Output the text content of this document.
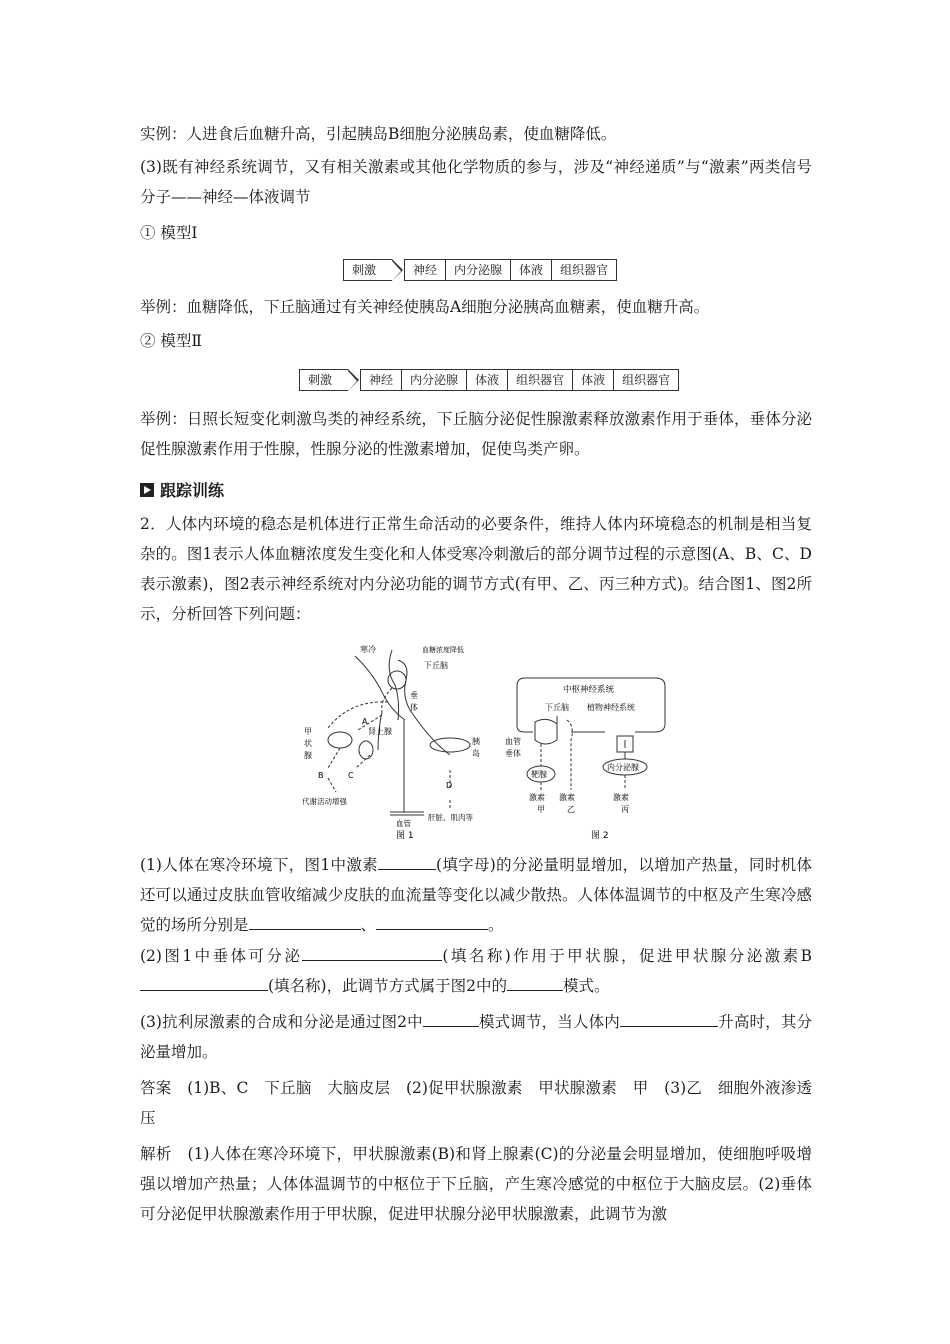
实例：人进食后血糖升高，引起胰岛B细胞分泌胰岛素，使血糖降低。
(3)既有神经系统调节，又有相关激素或其他化学物质的参与，涉及“神经递质”与“激素”两类信号分子——神经—体液调节
① 模型Ⅰ
刺激	神经	内分泌腺	体液	组织器官
举例：血糖降低，下丘脑通过有关神经使胰岛A细胞分泌胰高血糖素，使血糖升高。
② 模型Ⅱ
刺激	神经	内分泌腺	体液	组织器官	体液	组织器官
举例：日照长短变化刺激鸟类的神经系统，下丘脑分泌促性腺激素释放激素作用于垂体，垂体分泌促性腺激素作用于性腺，性腺分泌的性激素增加，促使鸟类产卵。
跟踪训练
2．人体内环境的稳态是机体进行正常生命活动的必要条件，维持人体内环境稳态的机制是相当复杂的。图1表示人体血糖浓度发生变化和人体受寒冷刺激后的部分调节过程的示意图(A、B、C、D表示激素)，图2表示神经系统对内分泌功能的调节方式(有甲、乙、丙三种方式)。结合图1、图2所示，分析回答下列问题：
寒冷	血糖浓度降低
下丘脑
垂
体
A
甲
状
腺
肾上腺
胰
岛
B	C
D
代谢活动增强
血管
肝脏、肌肉等
图 1
中枢神经系统
下丘脑 植物神经系统
血管
垂体
靶腺
内分泌腺
激素
甲
激素
乙
激素
丙
图 2
(1)人体在寒冷环境下，图1中激素	(填字母)的分泌量明显增加，以增加产热量，同时机体还可以通过皮肤血管收缩减少皮肤的血流量等变化以减少散热。人体体温调节的中枢及产生寒冷感觉的场所分别是	、	。
(2)图1中垂体可分泌	(填名称)作用于甲状腺，促进甲状腺分泌激素B(填名称)，此调节方式属于图2中的	模式。
(3)抗利尿激素的合成和分泌是通过图2中	模式调节，当人体内	升高时，其分泌量增加。
答案　(1)B、C　下丘脑　大脑皮层　(2)促甲状腺激素　甲状腺激素　甲　(3)乙　细胞外液渗透压
解析　(1)人体在寒冷环境下，甲状腺激素(B)和肾上腺素(C)的分泌量会明显增加，使细胞呼吸增强以增加产热量；人体体温调节的中枢位于下丘脑，产生寒冷感觉的中枢位于大脑皮层。(2)垂体可分泌促甲状腺激素作用于甲状腺，促进甲状腺分泌甲状腺激素，此调节为激
